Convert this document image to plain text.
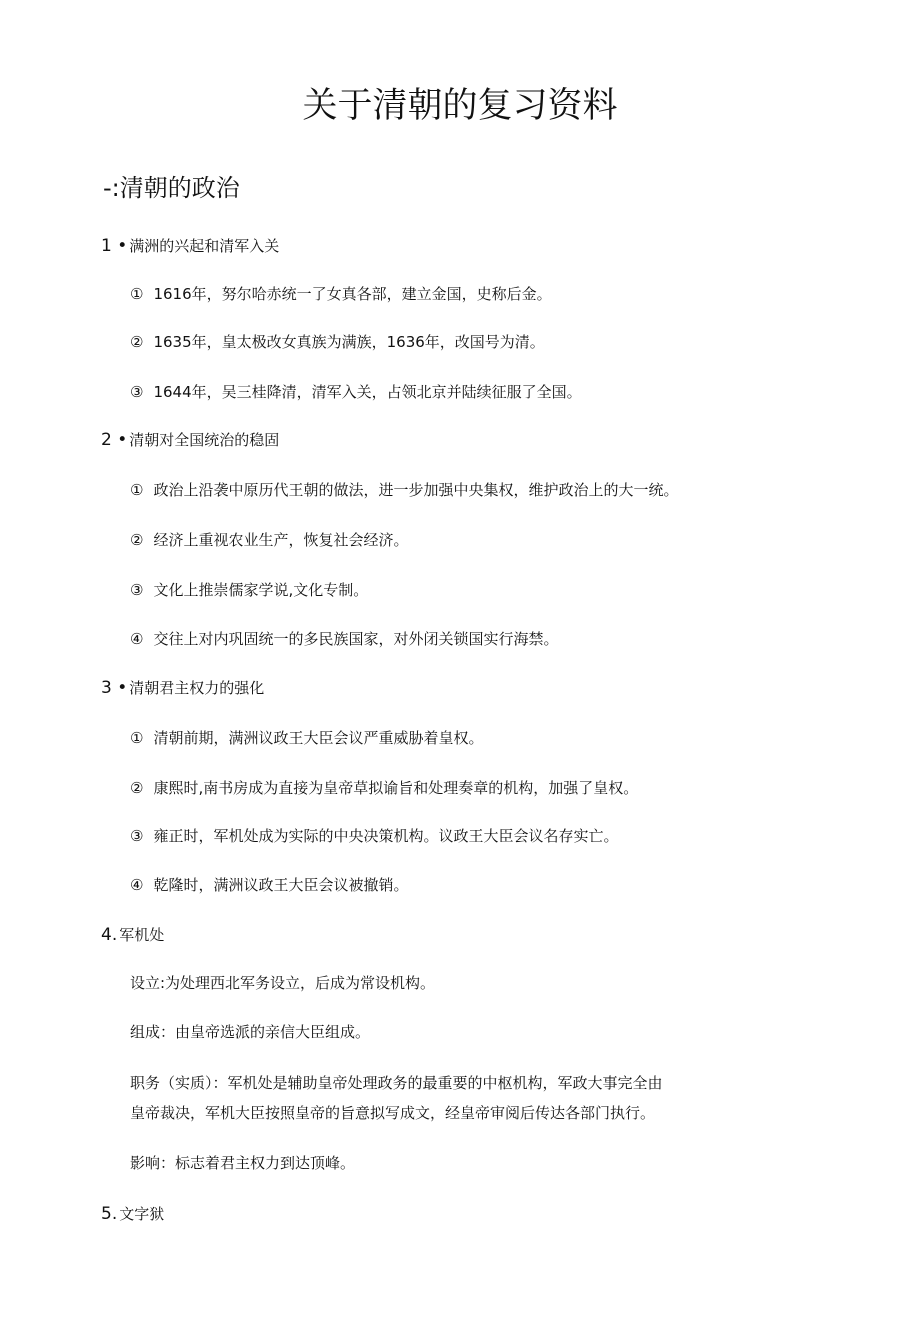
关于清朝的复习资料
-:清朝的政治
1 • 满洲的兴起和清军入关
① 1616年，努尔哈赤统一了女真各部，建立金国，史称后金。
② 1635年，皇太极改女真族为满族，1636年，改国号为清。
③ 1644年，吴三桂降清，清军入关，占领北京并陆续征服了全国。
2 • 清朝对全国统治的稳固
① 政治上沿袭中原历代王朝的做法，进一步加强中央集权，维护政治上的大一统。
② 经济上重视农业生产，恢复社会经济。
③ 文化上推崇儒家学说,文化专制。
④ 交往上对内巩固统一的多民族国家，对外闭关锁国实行海禁。
3 • 清朝君主权力的强化
① 清朝前期，满洲议政王大臣会议严重威胁着皇权。
② 康熙时,南书房成为直接为皇帝草拟谕旨和处理奏章的机构，加强了皇权。
③ 雍正时，军机处成为实际的中央决策机构。议政王大臣会议名存实亡。
④ 乾隆时，满洲议政王大臣会议被撤销。
4. 军机处
设立:为处理西北军务设立，后成为常设机构。
组成：由皇帝选派的亲信大臣组成。
职务（实质）：军机处是辅助皇帝处理政务的最重要的中枢机构，军政大事完全由
皇帝裁决，军机大臣按照皇帝的旨意拟写成文，经皇帝审阅后传达各部门执行。
影响：标志着君主权力到达顶峰。
5. 文字狱
